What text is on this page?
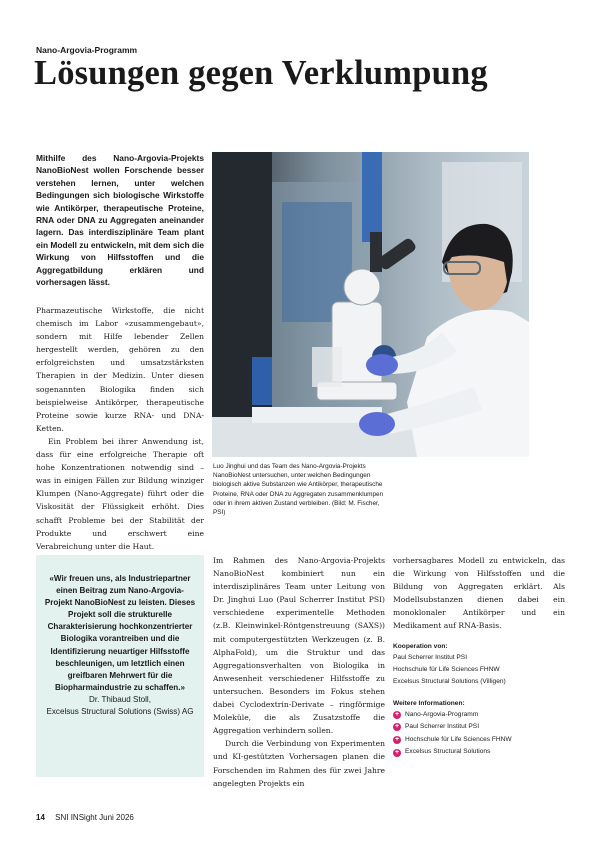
Nano-Argovia-Programm
Lösungen gegen Verklumpung
Mithilfe des Nano-Argovia-Projekts NanoBioNest wollen Forschende besser verstehen lernen, unter welchen Bedingungen sich biologische Wirkstoffe wie Antikörper, therapeutische Proteine, RNA oder DNA zu Aggregaten aneinander lagern. Das interdisziplinäre Team plant ein Modell zu entwickeln, mit dem sich die Wirkung von Hilfsstoffen und die Aggregatbildung erklären und vorhersagen lässt.

Pharmazeutische Wirkstoffe, die nicht chemisch im Labor «zusammengebaut», sondern mit Hilfe lebender Zellen hergestellt werden, gehören zu den erfolgreichsten und umsatzstärksten Therapien in der Medizin. Unter diesen sogenannten Biologika finden sich beispielweise Antikörper, therapeutische Proteine sowie kurze RNA- und DNA-Ketten.

Ein Problem bei ihrer Anwendung ist, dass für eine erfolgreiche Therapie oft hohe Konzentrationen notwendig sind – was in einigen Fällen zur Bildung winziger Klumpen (Nano-Aggregate) führt oder die Viskosität der Flüssigkeit erhöht. Dies schafft Probleme bei der Stabilität der Produkte und erschwert eine Verabreichung unter die Haut.

Luo Jinghui und das Team des Nano-Argovia-Projekts NanoBioNest untersuchen, unter welchen Bedingungen biologisch aktive Substanzen wie Antikörper, therapeutische Proteine, RNA oder DNA zu Aggregaten zusammenklumpen oder in ihrem aktiven Zustand verbleiben. (Bild: M. Fischer, PSI)
«Wir freuen uns, als Industriepartner einen Beitrag zum Nano-Argovia-Projekt NanoBioNest zu leisten. Dieses Projekt soll die strukturelle Charakterisierung hochkonzentrierter Biologika vorantreiben und die Identifizierung neuartiger Hilfsstoffe beschleunigen, um letztlich einen greifbaren Mehrwert für die Biopharmaindustrie zu schaffen.»
Dr. Thibaud Stoll,
Excelsus Structural Solutions (Swiss) AG

Im Rahmen des Nano-Argovia-Projekts NanoBioNest kombiniert nun ein interdisziplinäres Team unter Leitung von Dr. Jinghui Luo (Paul Scherrer Institut PSI) verschiedene experimentelle Methoden (z.B. Kleinwinkel-Röntgenstreuung (SAXS)) mit computergestützten Werkzeugen (z. B. AlphaFold), um die Struktur und das Aggregationsverhalten von Biologika in Anwesenheit verschiedener Hilfsstoffe zu untersuchen. Besonders im Fokus stehen dabei Cyclodextrin-Derivate – ringförmige Moleküle, die als Zusatzstoffe die Aggregation verhindern sollen.

Durch die Verbindung von Experimenten und KI-gestützten Vorhersagen planen die Forschenden im Rahmen des für zwei Jahre angelegten Projekts ein

vorhersagbares Modell zu entwickeln, das die Wirkung von Hilfsstoffen und die Bildung von Aggregaten erklärt. Als Modellsubstanzen dienen dabei ein monoklonaler Antikörper und ein Medikament auf RNA-Basis.
Kooperation von:
Paul Scherrer Institut PSI
Hochschule für Life Sciences FHNW
Excelsus Structural Solutions (Villigen)
Weitere Informationen:
+ Nano-Argovia-Programm
+ Paul Scherrer Institut PSI
+ Hochschule für Life Sciences FHNW
+ Excelsus Structural Solutions
14 SNI INSight Juni 2026
